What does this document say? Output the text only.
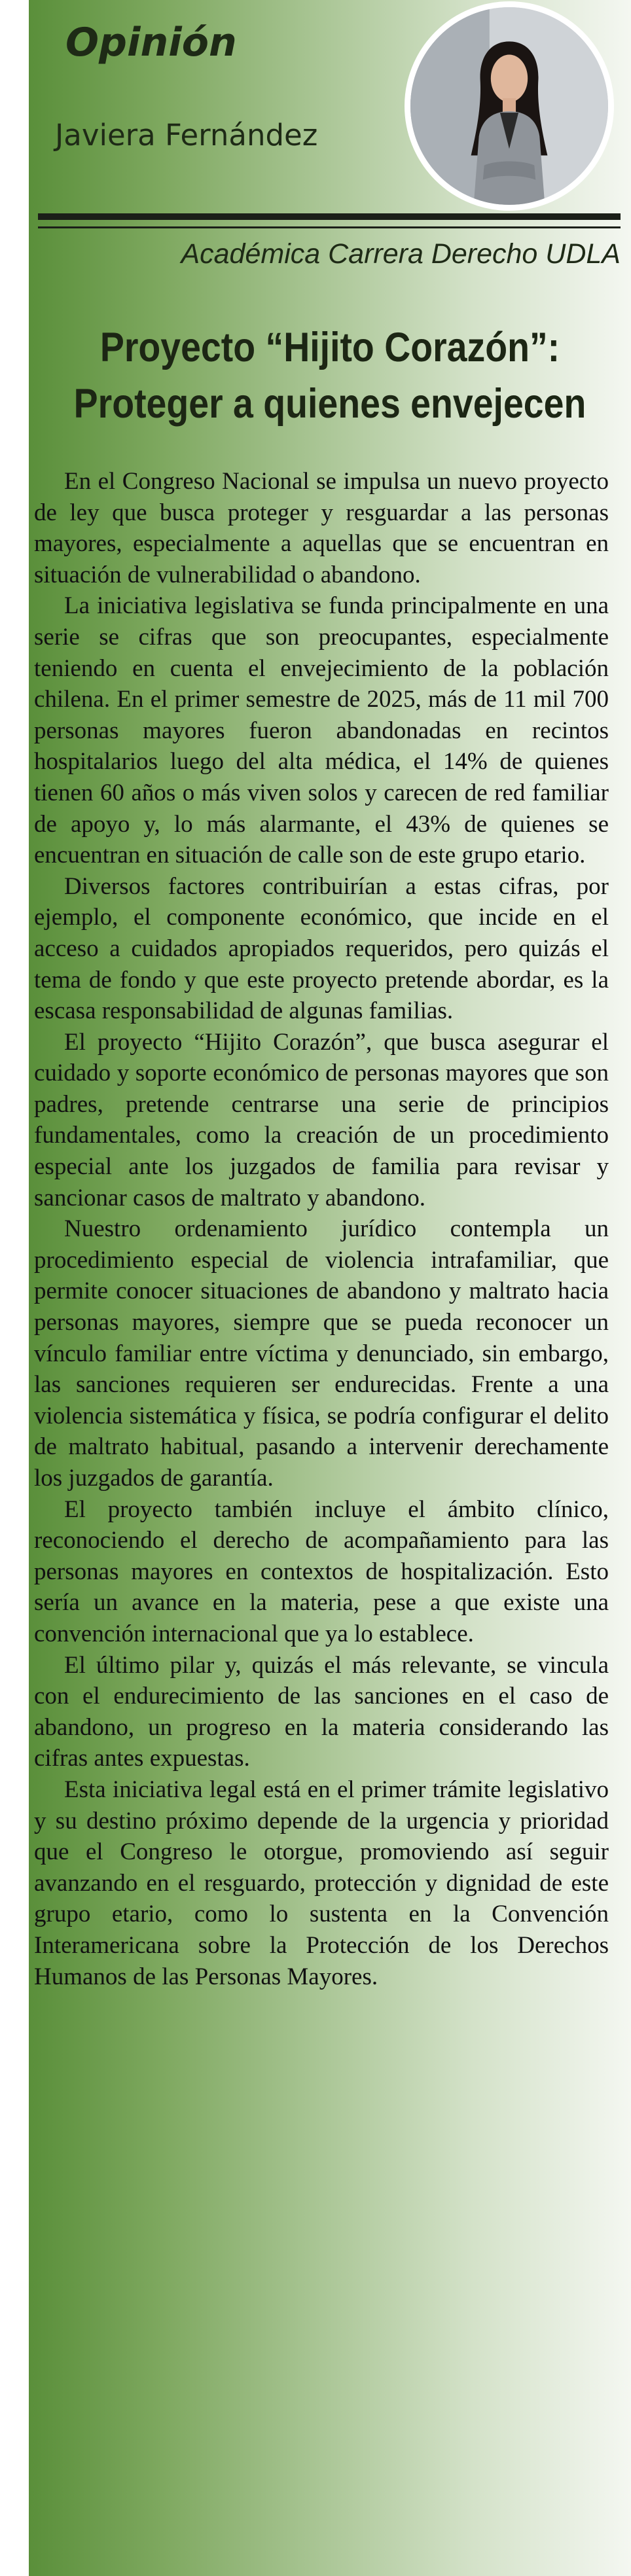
Opinión
Javiera Fernández
Académica Carrera Derecho UDLA
Proyecto “Hijito Corazón”:
Proteger a quienes envejecen

En el Congreso Nacional se impulsa un nuevo proyecto de ley que busca proteger y resguardar a las personas mayores, especialmente a aquellas que se encuentran en situación de vulnerabilidad o abandono.

La iniciativa legislativa se funda principalmente en una serie se cifras que son preocupantes, especialmente teniendo en cuenta el envejecimiento de la población chilena. En el primer semestre de 2025, más de 11 mil 700 personas mayores fueron abandonadas en recintos hospitalarios luego del alta médica, el 14% de quienes tienen 60 años o más viven solos y carecen de red familiar de apoyo y, lo más alarmante, el 43% de quienes se encuentran en situación de calle son de este grupo etario.

Diversos factores contribuirían a estas cifras, por ejemplo, el componente económico, que incide en el acceso a cuidados apropiados requeridos, pero quizás el tema de fondo y que este proyecto pretende abordar, es la escasa responsabilidad de algunas familias.

El proyecto “Hijito Corazón”, que busca asegurar el cuidado y soporte económico de personas mayores que son padres, pretende centrarse una serie de principios fundamentales, como la creación de un procedimiento especial ante los juzgados de familia para revisar y sancionar casos de maltrato y abandono.

Nuestro ordenamiento jurídico contempla un procedimiento especial de violencia intrafamiliar, que permite conocer situaciones de abandono y maltrato hacia personas mayores, siempre que se pueda reconocer un vínculo familiar entre víctima y denunciado, sin embargo, las sanciones requieren ser endurecidas. Frente a una violencia sistemática y física, se podría configurar el delito de maltrato habitual, pasando a intervenir derechamente los juzgados de garantía.

El proyecto también incluye el ámbito clínico, reconociendo el derecho de acompañamiento para las personas mayores en contextos de hospitalización. Esto sería un avance en la materia, pese a que existe una convención internacional que ya lo establece.

El último pilar y, quizás el más relevante, se vincula con el endurecimiento de las sanciones en el caso de abandono, un progreso en la materia considerando las cifras antes expuestas.

Esta iniciativa legal está en el primer trámite legislativo y su destino próximo depende de la urgencia y prioridad que el Congreso le otorgue, promoviendo así seguir avanzando en el resguardo, protección y dignidad de este grupo etario, como lo sustenta en la Convención Interamericana sobre la Protección de los Derechos Humanos de las Personas Mayores.
